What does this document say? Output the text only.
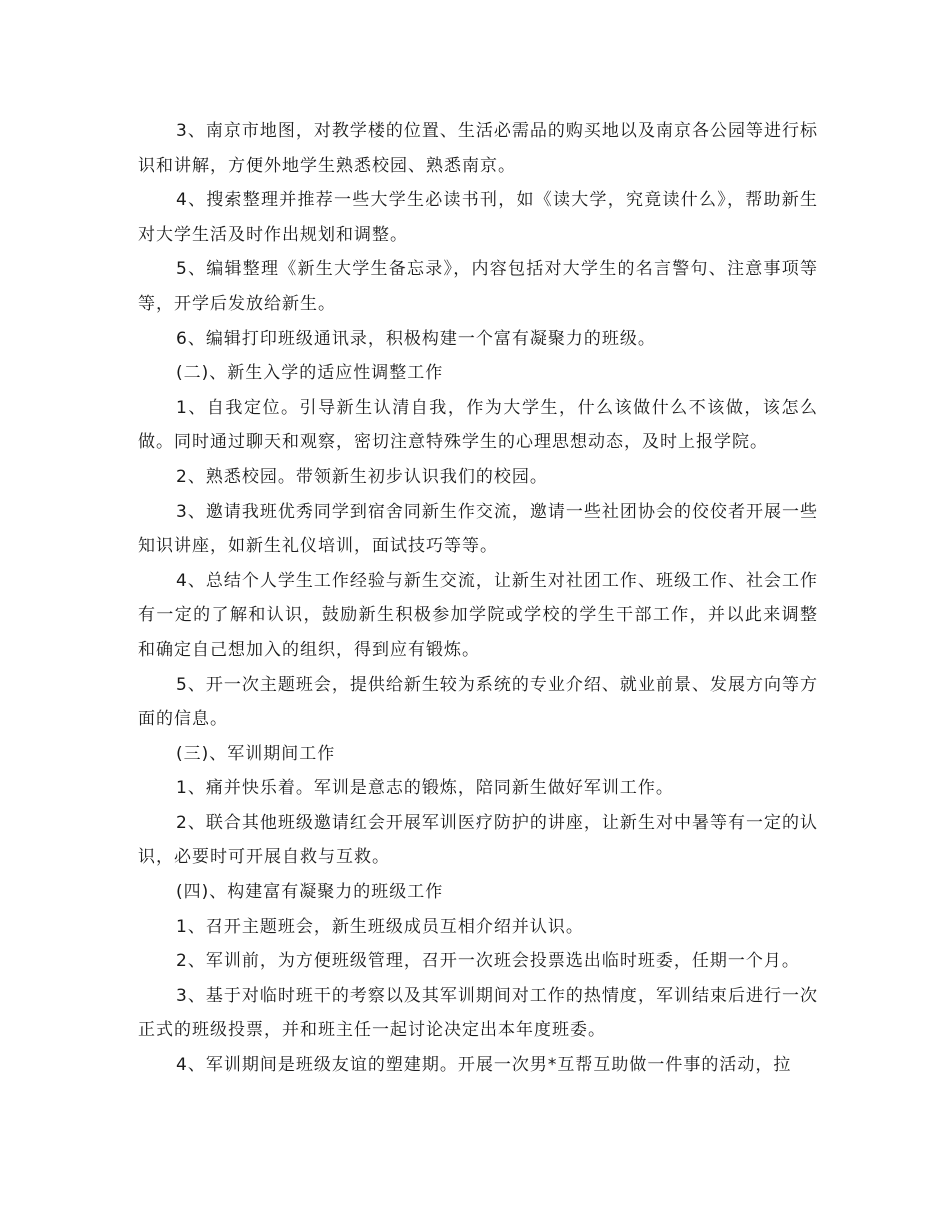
3、南京市地图，对教学楼的位置、生活必需品的购买地以及南京各公园等进行标识和讲解，方便外地学生熟悉校园、熟悉南京。

4、搜索整理并推荐一些大学生必读书刊，如《读大学，究竟读什么》，帮助新生对大学生活及时作出规划和调整。

5、编辑整理《新生大学生备忘录》，内容包括对大学生的名言警句、注意事项等等，开学后发放给新生。

6、编辑打印班级通讯录，积极构建一个富有凝聚力的班级。

(二)、新生入学的适应性调整工作

1、自我定位。引导新生认清自我，作为大学生，什么该做什么不该做，该怎么做。同时通过聊天和观察，密切注意特殊学生的心理思想动态，及时上报学院。

2、熟悉校园。带领新生初步认识我们的校园。

3、邀请我班优秀同学到宿舍同新生作交流，邀请一些社团协会的佼佼者开展一些知识讲座，如新生礼仪培训，面试技巧等等。

4、总结个人学生工作经验与新生交流，让新生对社团工作、班级工作、社会工作有一定的了解和认识，鼓励新生积极参加学院或学校的学生干部工作，并以此来调整和确定自己想加入的组织，得到应有锻炼。

5、开一次主题班会，提供给新生较为系统的专业介绍、就业前景、发展方向等方面的信息。

(三)、军训期间工作

1、痛并快乐着。军训是意志的锻炼，陪同新生做好军训工作。

2、联合其他班级邀请红会开展军训医疗防护的讲座，让新生对中暑等有一定的认识，必要时可开展自救与互救。

(四)、构建富有凝聚力的班级工作

1、召开主题班会，新生班级成员互相介绍并认识。

2、军训前，为方便班级管理，召开一次班会投票选出临时班委，任期一个月。

3、基于对临时班干的考察以及其军训期间对工作的热情度，军训结束后进行一次正式的班级投票，并和班主任一起讨论决定出本年度班委。

4、军训期间是班级友谊的塑建期。开展一次男*互帮互助做一件事的活动，拉
